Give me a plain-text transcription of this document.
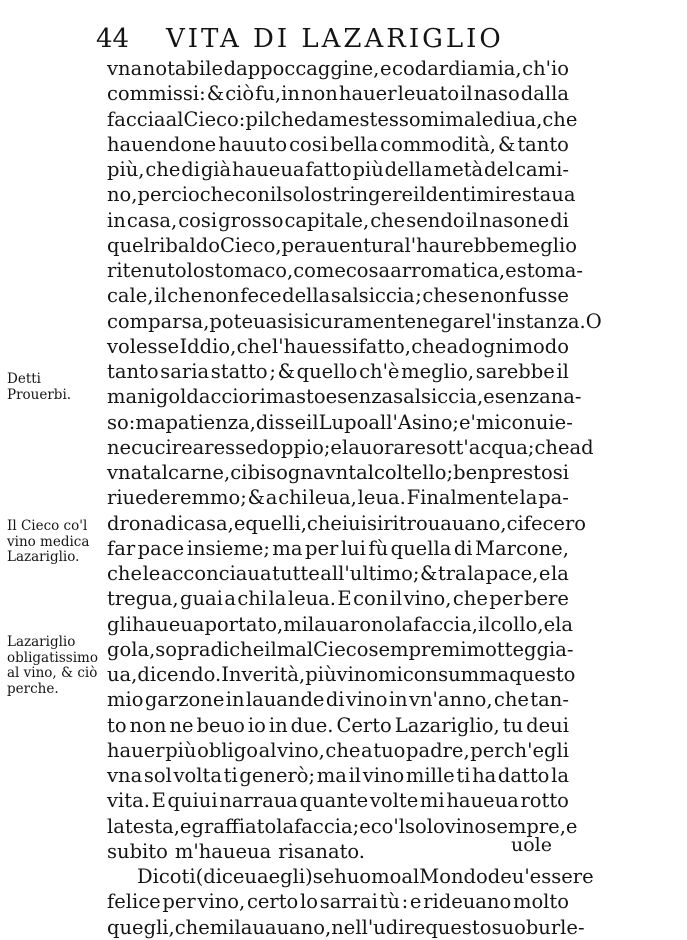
44 VITA DI LAZARIGLIO
Detti
Prouerbi.
Il Cieco co'l
vino medica
Lazariglio.
Lazariglio
obligatissimo
al vino, & ciò
perche.
vna notabile dappoccaggine, e codardia mia, ch'io
commissi: & ciò fu,in non hauer leuato il naso dalla
faccia al Cieco:p il che da me stesso mi malediua,che
hauendone hauuto cosi bella commodità, & tanto
più, che di già haueua fatto più della metà del cami-
no, percioche con il solo stringere il denti mi restaua
in casa, cosi grosso capitale, che sendo il nasone di
quel ribaldo Cieco, perauentura l'haurebbe meglio
ritenuto lo stomaco, come cosa arromatica, e stoma-
cale, il che non fece della salsiccia ; che se non fusse
comparsa,poteuasi sicuramente negare l'instanza. O
volesse Iddio, che l'hauessi fatto, che ad ogni modo
tanto saria statto ; & quello ch'è meglio, sarebbe il
manigoldaccio rimasto e senza salsiccia, e senza na-
so: ma patienza, disse il Lupo all'Asino; e' mi conuie-
ne cucire a resse doppio;e lauorare sott'acqua;che ad
vna tal carne, ci bisogna vn tal coltello; ben presto si
riuederemmo; & a chi leua, leua. Finalmente la pa-
drona di casa, e quelli, che iui si ritrouauano, ci fecero
far pace insieme; ma per lui fù quella di Marcone,
che le acconciaua tutte all'ultimo; & tra la pace, e la
tregua, guai a chi la leua. E con il vino, che per bere
gli haueua portato, mi lauarono la faccia, il collo, e la
gola, sopra di che il mal Cieco sempre mi motteggia-
ua, dicendo. In verità, più vino mi consumma questo
mio garzone in lauande di vino in vn'anno, che tan-
to non ne beuo io in due. Certo Lazariglio, tu deui
hauer più obligo al vino, che a tuo padre, perch'egli
vna sol volta ti generò; ma il vino mille ti ha datto la
vita. E quiui narraua quante volte mi haueua rotto
la testa, e graffiato la faccia; e co'l solo vino sempre, e
subito m'haueua risanato.
Dicoti (diceua egli) se huomo al Mondo deu'essere
felice per vino, certo lo sarrai tù : e rideuano molto
quegli, che mi lauauano, nell'udire questo suo burle-
uole
